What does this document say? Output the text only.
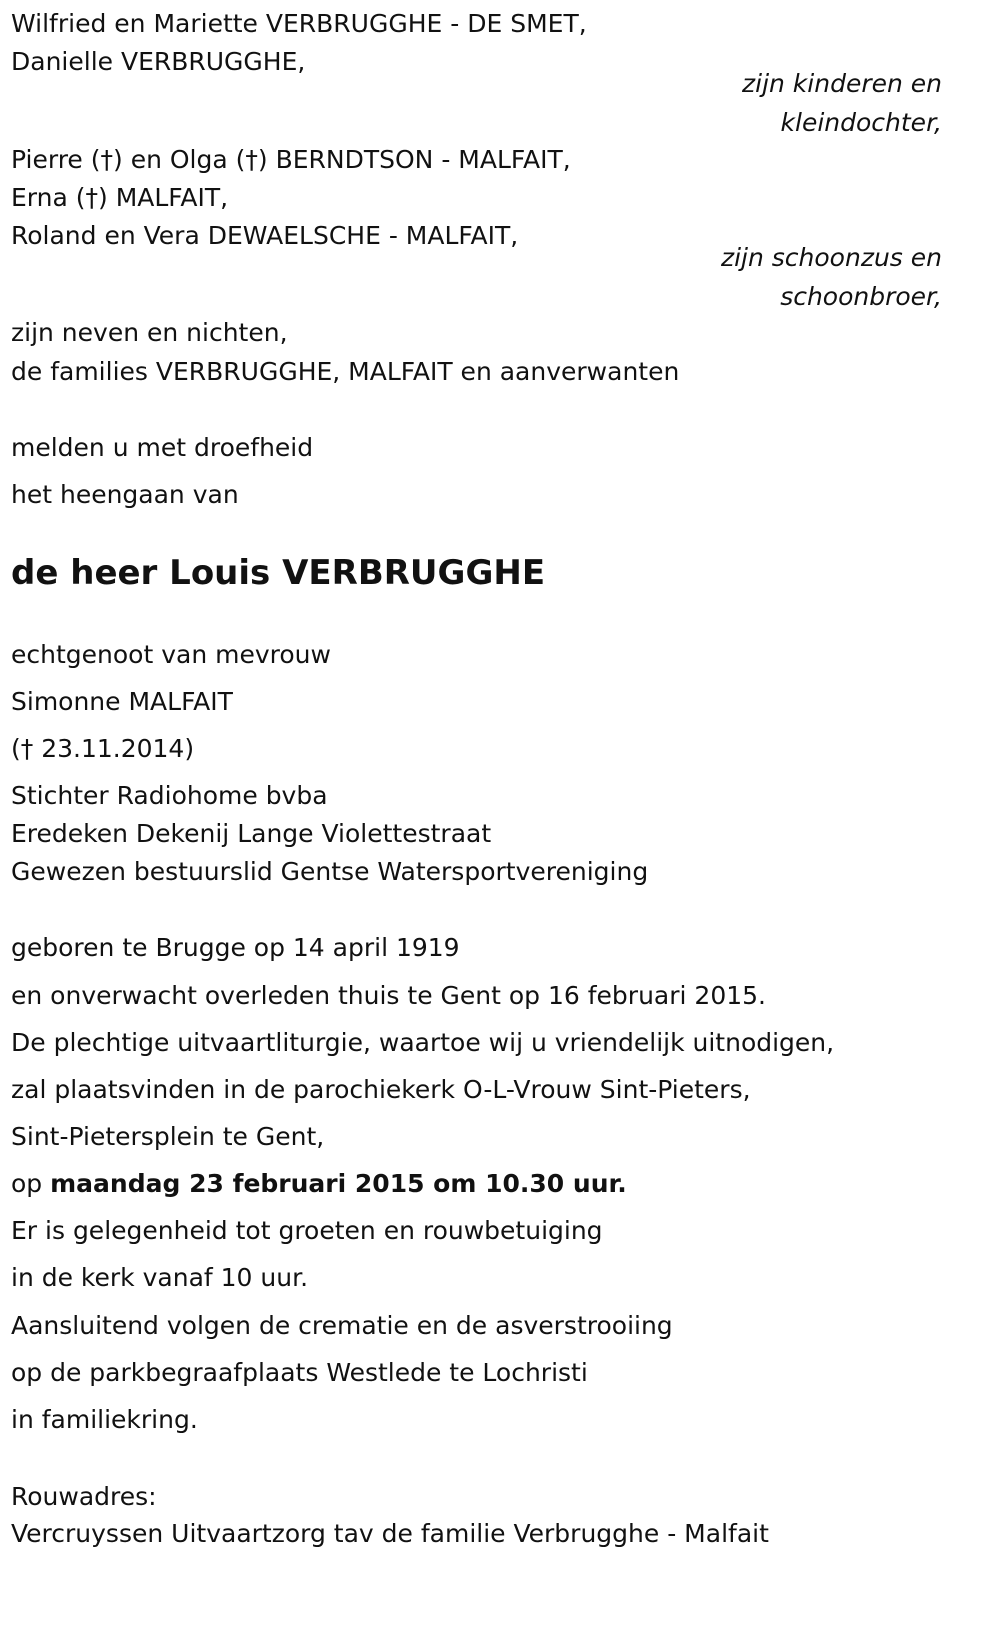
Wilfried en Mariette VERBRUGGHE - DE SMET,
Danielle VERBRUGGHE,
zijn kinderen en
kleindochter,
Pierre (†) en Olga (†) BERNDTSON - MALFAIT,
Erna (†) MALFAIT,
Roland en Vera DEWAELSCHE - MALFAIT,
zijn schoonzus en
schoonbroer,
zijn neven en nichten,
de families VERBRUGGHE, MALFAIT en aanverwanten
melden u met droefheid
het heengaan van
de heer Louis VERBRUGGHE
echtgenoot van mevrouw
Simonne MALFAIT
(† 23.11.2014)
Stichter Radiohome bvba
Eredeken Dekenij Lange Violettestraat
Gewezen bestuurslid Gentse Watersportvereniging
geboren te Brugge op 14 april 1919
en onverwacht overleden thuis te Gent op 16 februari 2015.
De plechtige uitvaartliturgie, waartoe wij u vriendelijk uitnodigen,
zal plaatsvinden in de parochiekerk O-L-Vrouw Sint-Pieters,
Sint-Pietersplein te Gent,
op maandag 23 februari 2015 om 10.30 uur.
Er is gelegenheid tot groeten en rouwbetuiging
in de kerk vanaf 10 uur.
Aansluitend volgen de crematie en de asverstrooiing
op de parkbegraafplaats Westlede te Lochristi
in familiekring.
Rouwadres:
Vercruyssen Uitvaartzorg tav de familie Verbrugghe - Malfait
